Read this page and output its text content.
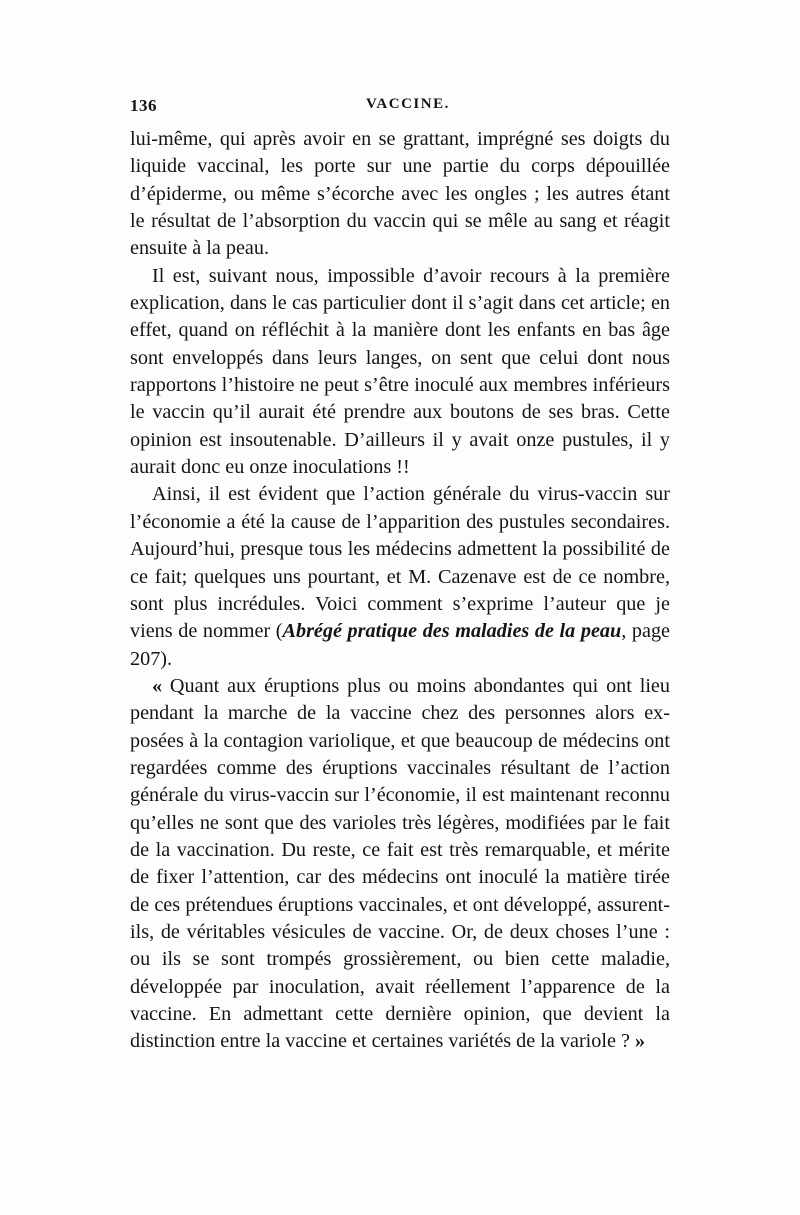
136	VACCINE.

lui-même, qui après avoir en se grattant, imprégné ses doigts du liquide vaccinal, les porte sur une partie du corps dépouillée d’épiderme, ou même s’écorche avec les ongles ; les autres étant le résultat de l’absorption du vaccin qui se mêle au sang et réagit ensuite à la peau.

Il est, suivant nous, impossible d’avoir recours à la première explication, dans le cas particulier dont il s’agit dans cet article; en effet, quand on réfléchit à la manière dont les enfants en bas âge sont enveloppés dans leurs langes, on sent que celui dont nous rapportons l’histoire ne peut s’être inoculé aux membres inférieurs le vaccin qu’il aurait été prendre aux boutons de ses bras. Cette opinion est insoutenable. D’ailleurs il y avait onze pustules, il y aurait donc eu onze inoculations !!

Ainsi, il est évident que l’action générale du virus-vaccin sur l’économie a été la cause de l’apparition des pustules secondaires. Aujourd’hui, presque tous les médecins admettent la possibilité de ce fait; quelques uns pourtant, et M. Cazenave est de ce nombre, sont plus incrédules. Voici comment s’exprime l’auteur que je viens de nommer (Abrégé pratique des maladies de la peau, page 207).

« Quant aux éruptions plus ou moins abondantes qui ont lieu pendant la marche de la vaccine chez des personnes alors exposées à la contagion variolique, et que beaucoup de médecins ont regardées comme des éruptions vaccinales résultant de l’action générale du virus-vaccin sur l’économie, il est maintenant reconnu qu’elles ne sont que des varioles très légères, modifiées par le fait de la vaccination. Du reste, ce fait est très remarquable, et mérite de fixer l’attention, car des médecins ont inoculé la matière tirée de ces prétendues éruptions vaccinales, et ont développé, assurent-ils, de véritables vésicules de vaccine. Or, de deux choses l’une : ou ils se sont trompés grossièrement, ou bien cette maladie, développée par inoculation, avait réellement l’apparence de la vaccine. En admettant cette dernière opinion, que devient la distinction entre la vaccine et certaines variétés de la variole ? »
